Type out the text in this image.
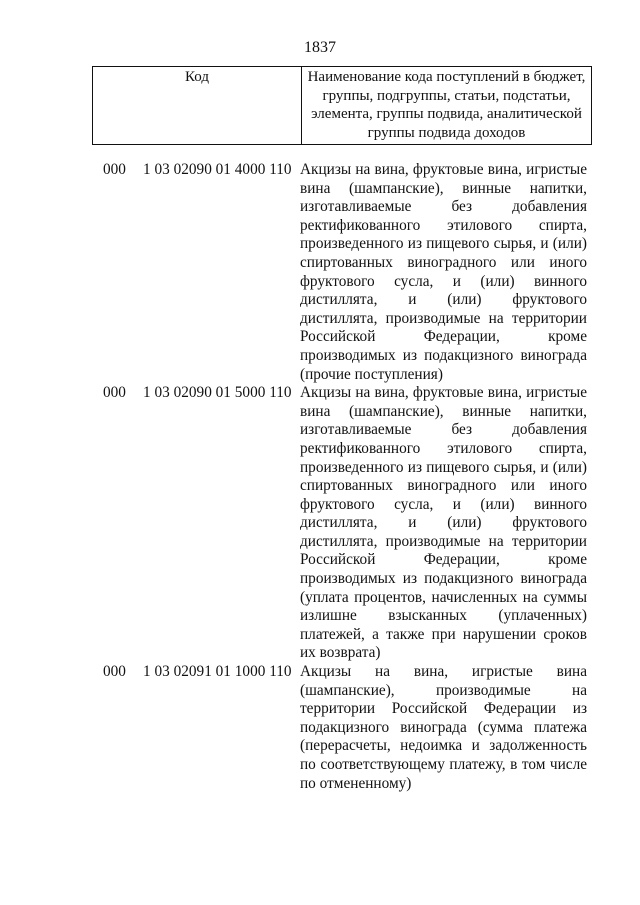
1837
Код	Наименование кода поступлений в бюджет, группы, подгруппы, статьи, подстатьи, элемента, группы подвида, аналитической группы подвида доходов
000 1 03 02090 01 4000 110 Акцизы на вина, фруктовые вина, игристые вина (шампанские), винные напитки, изготавливаемые без добавления ректификованного этилового спирта, произведенного из пищевого сырья, и (или) спиртованных виноградного или иного фруктового сусла, и (или) винного дистиллята, и (или) фруктового дистиллята, производимые на территории Российской Федерации, кроме производимых из подакцизного винограда (прочие поступления)
000 1 03 02090 01 5000 110 Акцизы на вина, фруктовые вина, игристые вина (шампанские), винные напитки, изготавливаемые без добавления ректификованного этилового спирта, произведенного из пищевого сырья, и (или) спиртованных виноградного или иного фруктового сусла, и (или) винного дистиллята, и (или) фруктового дистиллята, производимые на территории Российской Федерации, кроме производимых из подакцизного винограда (уплата процентов, начисленных на суммы излишне взысканных (уплаченных) платежей, а также при нарушении сроков их возврата)
000 1 03 02091 01 1000 110 Акцизы на вина, игристые вина (шампанские), производимые на территории Российской Федерации из подакцизного винограда (сумма платежа (перерасчеты, недоимка и задолженность по соответствующему платежу, в том числе по отмененному)
